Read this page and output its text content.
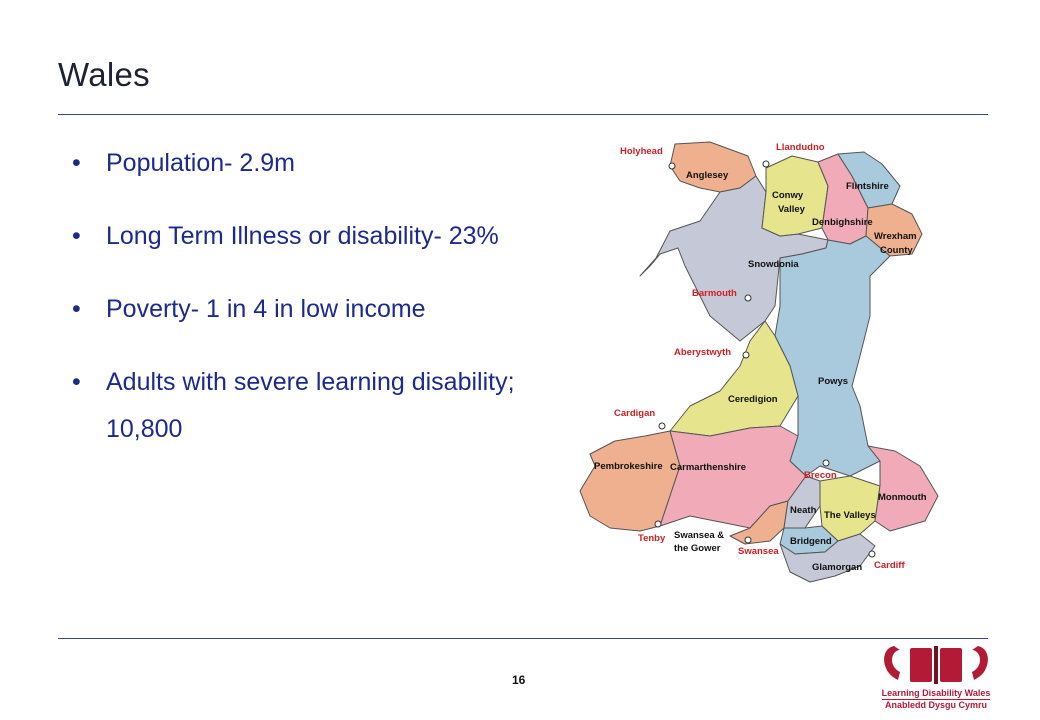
Wales
• Population- 2.9m
• Long Term Illness or disability- 23%
• Poverty- 1 in 4 in low income
• Adults with severe learning disability; 10,800
Anglesey
Conwy
Valley
Flintshire
Denbighshire
Wrexham
County
Snowdonia
Powys
Ceredigion
Pembrokeshire Carmarthenshire
Neath The Valleys
Monmouth
Swansea &
the Gower
Bridgend
Glamorgan
Holyhead	Llandudno
Barmouth
Aberystwyth
Cardigan
Brecon
Tenby
Swansea
Cardiff
16
Learning Disability Wales
Anabledd Dysgu Cymru
